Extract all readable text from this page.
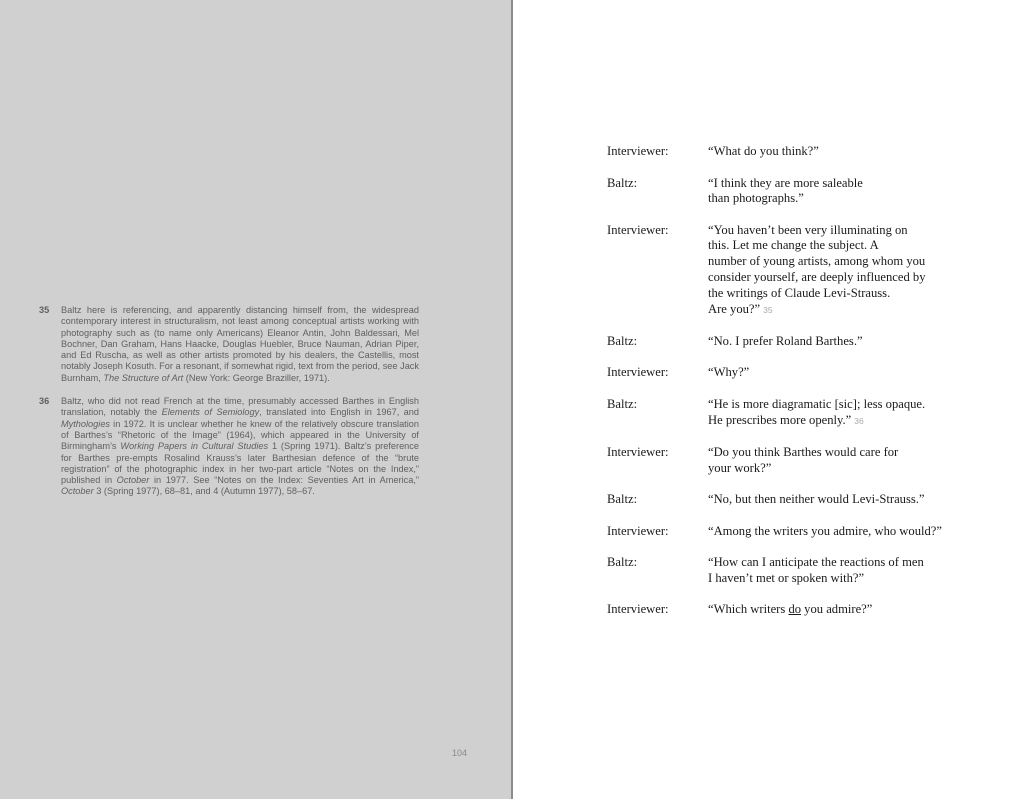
35 Baltz here is referencing, and apparently distancing himself from, the widespread contemporary interest in structuralism, not least among conceptual artists working with photography such as (to name only Americans) Eleanor Antin, John Baldessari, Mel Bochner, Dan Graham, Hans Haacke, Douglas Huebler, Bruce Nauman, Adrian Piper, and Ed Ruscha, as well as other artists promoted by his dealers, the Castellis, most notably Joseph Kosuth. For a resonant, if somewhat rigid, text from the period, see Jack Burnham, The Structure of Art (New York: George Braziller, 1971).
36 Baltz, who did not read French at the time, presumably accessed Barthes in English translation, notably the Elements of Semiology, translated into English in 1967, and Mythologies in 1972. It is unclear whether he knew of the relatively obscure translation of Barthes’s “Rhetoric of the Image” (1964), which appeared in the University of Birmingham’s Working Papers in Cultural Studies 1 (Spring 1971). Baltz’s preference for Barthes pre-empts Rosalind Krauss’s later Barthesian defence of the “brute registration” of the photographic index in her two-part article “Notes on the Index,” published in October in 1977. See “Notes on the Index: Seventies Art in America,” October 3 (Spring 1977), 68–81, and 4 (Autumn 1977), 58–67.
104
Interviewer:	“What do you think?”
Baltz:	“I think they are more saleable
than photographs.”
Interviewer:	“You haven’t been very illuminating on
this. Let me change the subject. A
number of young artists, among whom you
consider yourself, are deeply influenced by
the writings of Claude Levi-Strauss.
Are you?” 35
Baltz:	“No. I prefer Roland Barthes.”
Interviewer:	“Why?”
Baltz:	“He is more diagramatic [sic]; less opaque.
He prescribes more openly.” 36
Interviewer:	“Do you think Barthes would care for
your work?”
Baltz:	“No, but then neither would Levi-Strauss.”
Interviewer:	“Among the writers you admire, who would?”
Baltz:	“How can I anticipate the reactions of men
I haven’t met or spoken with?”
Interviewer:	“Which writers do you admire?”
